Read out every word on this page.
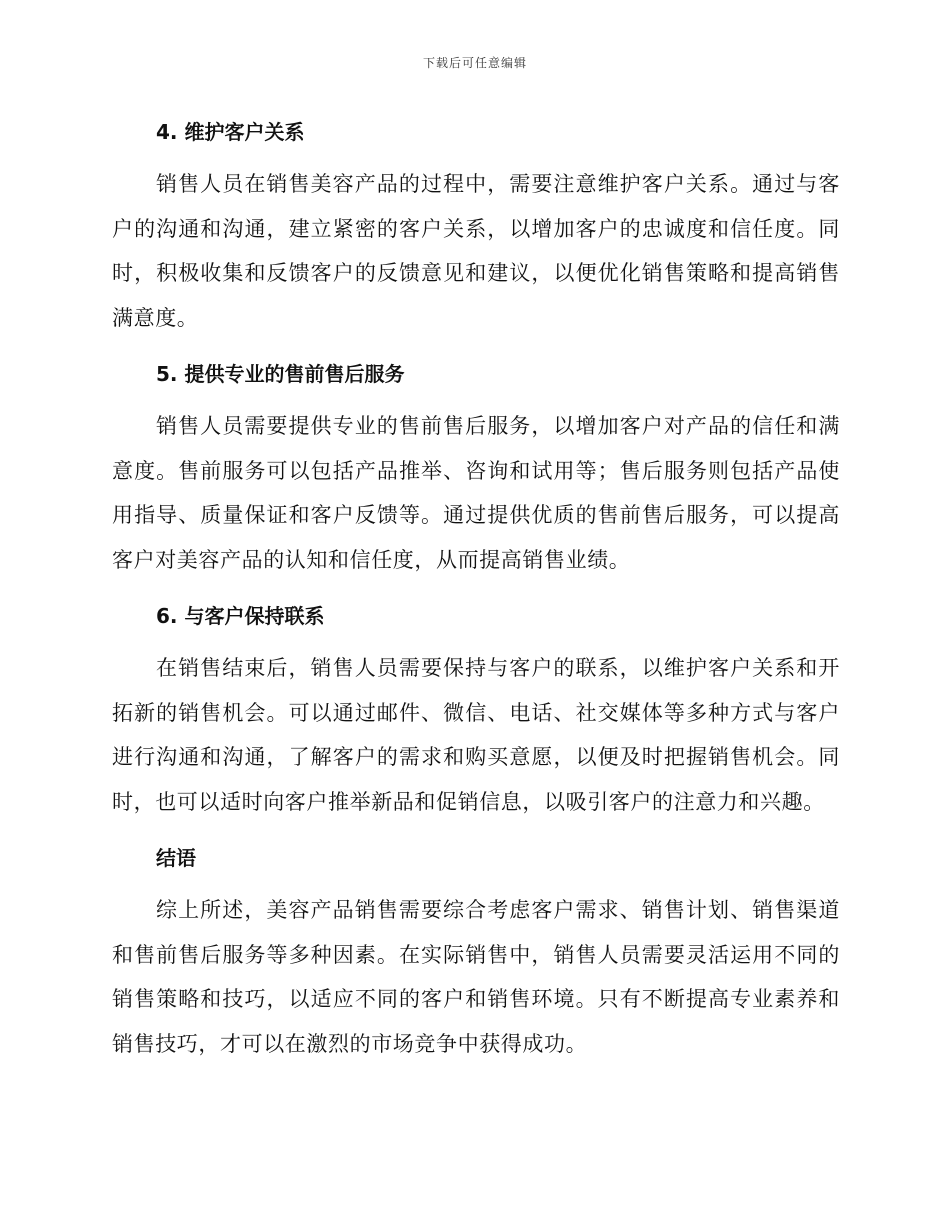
下载后可任意编辑
4. 维护客户关系

销售人员在销售美容产品的过程中，需要注意维护客户关系。通过与客户的沟通和沟通，建立紧密的客户关系，以增加客户的忠诚度和信任度。同时，积极收集和反馈客户的反馈意见和建议，以便优化销售策略和提高销售满意度。

5. 提供专业的售前售后服务

销售人员需要提供专业的售前售后服务，以增加客户对产品的信任和满意度。售前服务可以包括产品推举、咨询和试用等；售后服务则包括产品使用指导、质量保证和客户反馈等。通过提供优质的售前售后服务，可以提高客户对美容产品的认知和信任度，从而提高销售业绩。

6. 与客户保持联系

在销售结束后，销售人员需要保持与客户的联系，以维护客户关系和开拓新的销售机会。可以通过邮件、微信、电话、社交媒体等多种方式与客户进行沟通和沟通，了解客户的需求和购买意愿，以便及时把握销售机会。同时，也可以适时向客户推举新品和促销信息，以吸引客户的注意力和兴趣。

结语

综上所述，美容产品销售需要综合考虑客户需求、销售计划、销售渠道和售前售后服务等多种因素。在实际销售中，销售人员需要灵活运用不同的销售策略和技巧，以适应不同的客户和销售环境。只有不断提高专业素养和销售技巧，才可以在激烈的市场竞争中获得成功。
